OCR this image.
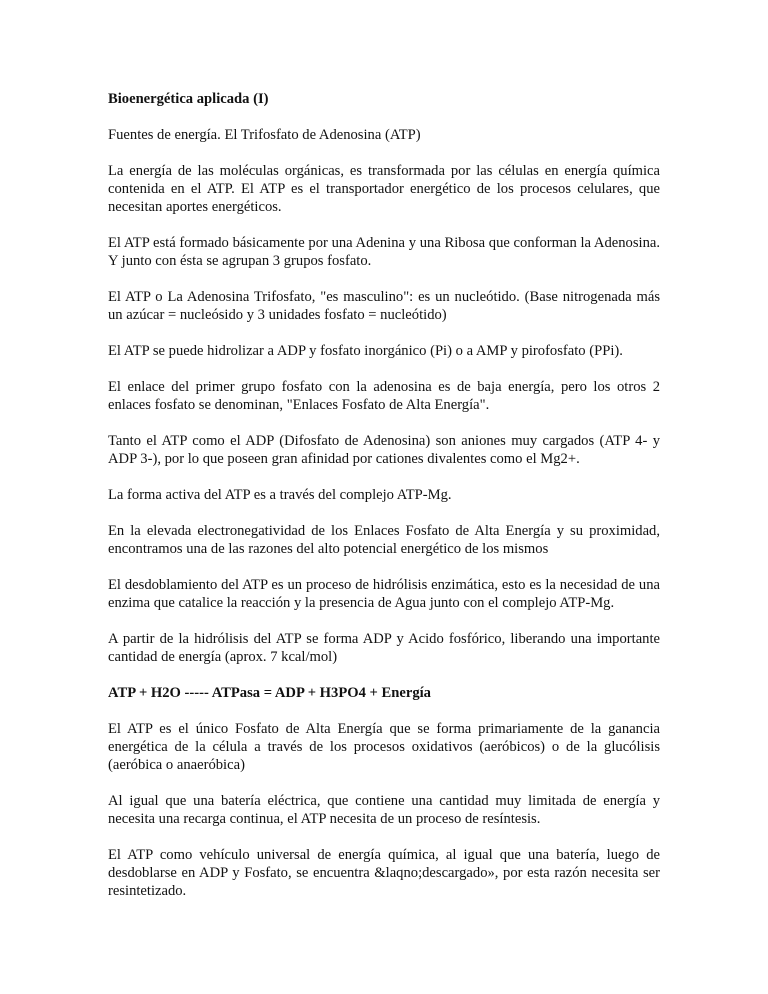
Bioenergética aplicada (I)

Fuentes de energía. El Trifosfato de Adenosina (ATP)

La energía de las moléculas orgánicas, es transformada por las células en energía química contenida en el ATP. El ATP es el transportador energético de los procesos celulares, que necesitan aportes energéticos.

El ATP está formado básicamente por una Adenina y una Ribosa que conforman la Adenosina. Y junto con ésta se agrupan 3 grupos fosfato.

El ATP o La Adenosina Trifosfato, "es masculino": es un nucleótido. (Base nitrogenada más un azúcar = nucleósido y 3 unidades fosfato = nucleótido)

El ATP se puede hidrolizar a ADP y fosfato inorgánico (Pi) o a AMP y pirofosfato (PPi).

El enlace del primer grupo fosfato con la adenosina es de baja energía, pero los otros 2 enlaces fosfato se denominan, "Enlaces Fosfato de Alta Energía".

Tanto el ATP como el ADP (Difosfato de Adenosina) son aniones muy cargados (ATP 4- y ADP 3-), por lo que poseen gran afinidad por cationes divalentes como el Mg2+.

La forma activa del ATP es a través del complejo ATP-Mg.

En la elevada electronegatividad de los Enlaces Fosfato de Alta Energía y su proximidad, encontramos una de las razones del alto potencial energético de los mismos

El desdoblamiento del ATP es un proceso de hidrólisis enzimática, esto es la necesidad de una enzima que catalice la reacción y la presencia de Agua junto con el complejo ATP-Mg.

A partir de la hidrólisis del ATP se forma ADP y Acido fosfórico, liberando una importante cantidad de energía (aprox. 7 kcal/mol)

ATP + H2O ----- ATPasa = ADP + H3PO4 + Energía

El ATP es el único Fosfato de Alta Energía que se forma primariamente de la ganancia energética de la célula a través de los procesos oxidativos (aeróbicos) o de la glucólisis (aeróbica o anaeróbica)

Al igual que una batería eléctrica, que contiene una cantidad muy limitada de energía y necesita una recarga continua, el ATP necesita de un proceso de resíntesis.

El ATP como vehículo universal de energía química, al igual que una batería, luego de desdoblarse en ADP y Fosfato, se encuentra &laqno;descargado», por esta razón necesita ser resintetizado.
